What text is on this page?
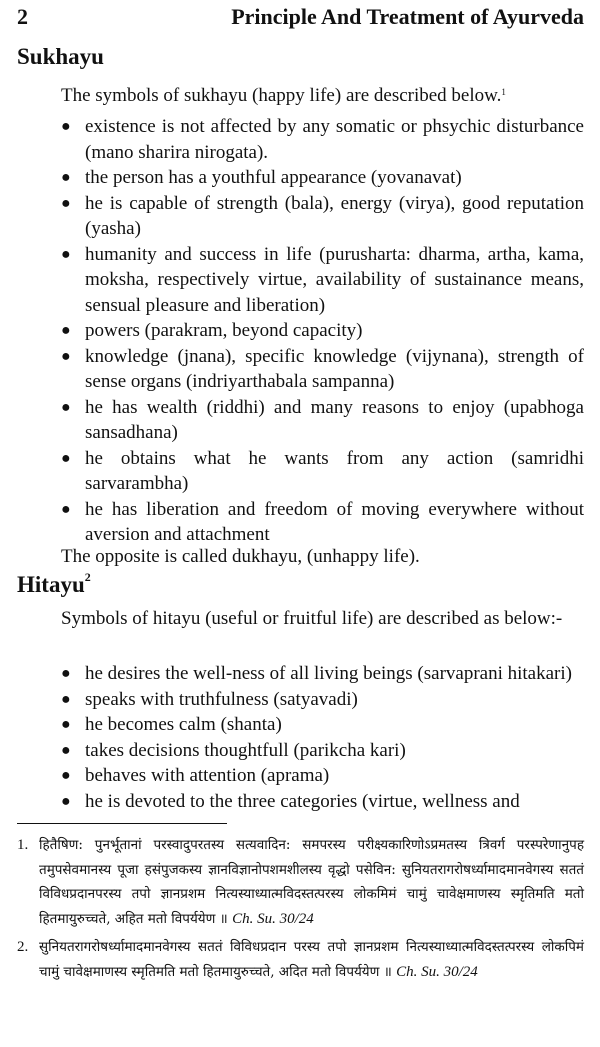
2	Principle And Treatment of Ayurveda
Sukhayu
The symbols of sukhayu (happy life) are described below.$^1$
● existence is not affected by any somatic or phsychic disturbance (mano sharira nirogata).
● the person has a youthful appearance (yovanavat)
● he is capable of strength (bala), energy (virya), good reputation (yasha)
● humanity and success in life (purusharta: dharma, artha, kama, moksha, respectively virtue, availability of sustainance means, sensual pleasure and liberation)
● powers (parakram, beyond capacity)
● knowledge (jnana), specific knowledge (vijynana), strength of sense organs (indriyarthabala sampanna)
● he has wealth (riddhi) and many reasons to enjoy (upabhoga sansadhana)
● he obtains what he wants from any action (samridhi sarvarambha)
● he has liberation and freedom of moving everywhere without aversion and attachment
The opposite is called dukhayu, (unhappy life).
Hitayu$^2$
Symbols of hitayu (useful or fruitful life) are described as below:-
● he desires the well-ness of all living beings (sarvaprani hitakari)
● speaks with truthfulness (satyavadi)
● he becomes calm (shanta)
● takes decisions thoughtfull (parikcha kari)
● behaves with attention (aprama)
● he is devoted to the three categories (virtue, wellness and
1. हितैषिण: पुनर्भूतानां परस्वादुपरतस्य सत्यवादिन: समपरस्य परीक्ष्यकारिणोऽप्रमतस्य त्रिवर्ग परस्परेणानुपह तमुपसेवमानस्य पूजा हसंपुजकस्य ज्ञानविज्ञानोपशमशीलस्य वृद्धो पसेविन: सुनियतरागरोषर्ध्यामादमानवेगस्य सततं विविधप्रदानपरस्य तपो ज्ञानप्रशम नित्यस्याध्यात्मविदस्तत्परस्य लोकमिमं चामुं चावेक्षमाणस्य स्मृतिमति मतो हितमायुरुच्चते, अहित मतो विपर्ययेण ॥ Ch. Su. 30/24
2. सुनियतरागरोषर्ध्यामादमानवेगस्य सततं विविधप्रदान परस्य तपो ज्ञानप्रशम नित्यस्याध्यात्मविदस्तत्परस्य लोकपिमं चामुं चावेक्षमाणस्य स्मृतिमति मतो हितमायुरुच्चते, अदित मतो विपर्ययेण ॥ Ch. Su. 30/24
